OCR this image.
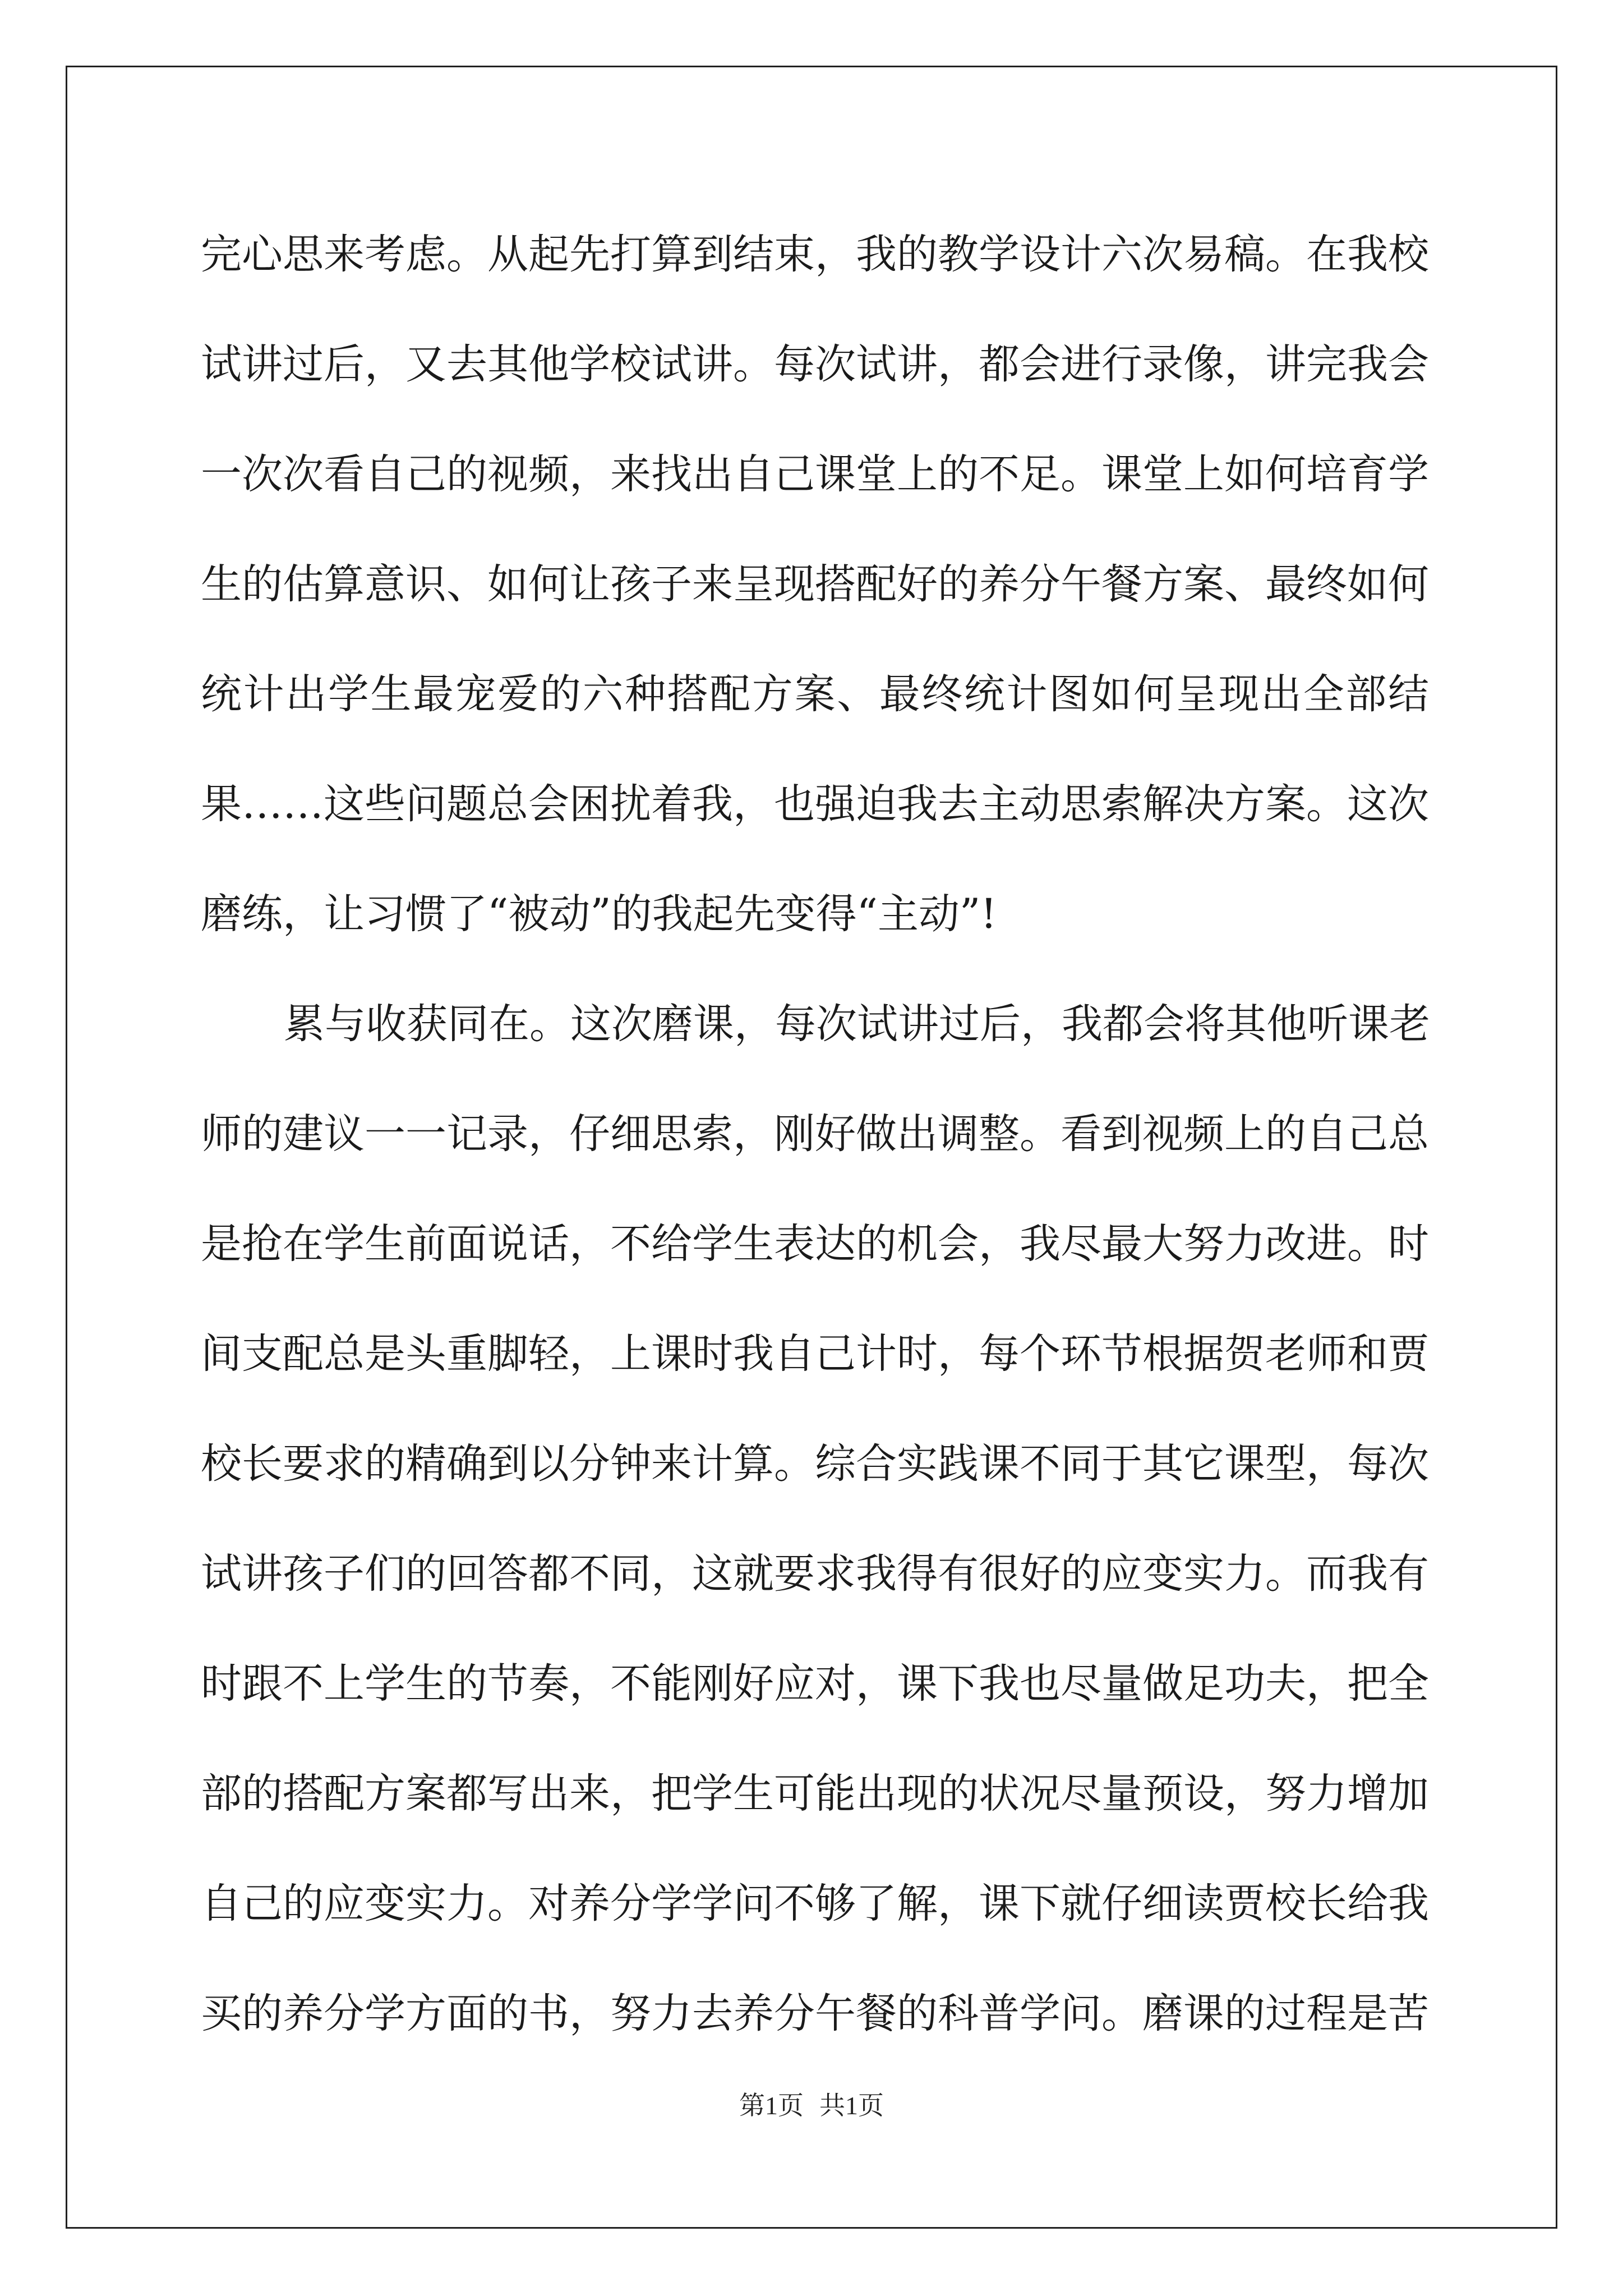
完心思来考虑。从起先打算到结束，我的教学设计六次易稿。在我校
试讲过后，又去其他学校试讲。每次试讲，都会进行录像，讲完我会
一次次看自己的视频，来找出自己课堂上的不足。课堂上如何培育学
生的估算意识、如何让孩子来呈现搭配好的养分午餐方案、最终如何
统计出学生最宠爱的六种搭配方案、最终统计图如何呈现出全部结
果……这些问题总会困扰着我，也强迫我去主动思索解决方案。这次
磨练，让习惯了“被动”的我起先变得“主动”!
累与收获同在。这次磨课，每次试讲过后，我都会将其他听课老
师的建议一一记录，仔细思索，刚好做出调整。看到视频上的自己总
是抢在学生前面说话，不给学生表达的机会，我尽最大努力改进。时
间支配总是头重脚轻，上课时我自己计时，每个环节根据贺老师和贾
校长要求的精确到以分钟来计算。综合实践课不同于其它课型，每次
试讲孩子们的回答都不同，这就要求我得有很好的应变实力。而我有
时跟不上学生的节奏，不能刚好应对，课下我也尽量做足功夫，把全
部的搭配方案都写出来，把学生可能出现的状况尽量预设，努力增加
自己的应变实力。对养分学学问不够了解，课下就仔细读贾校长给我
买的养分学方面的书，努力去养分午餐的科普学问。磨课的过程是苦
第1页 共1页
